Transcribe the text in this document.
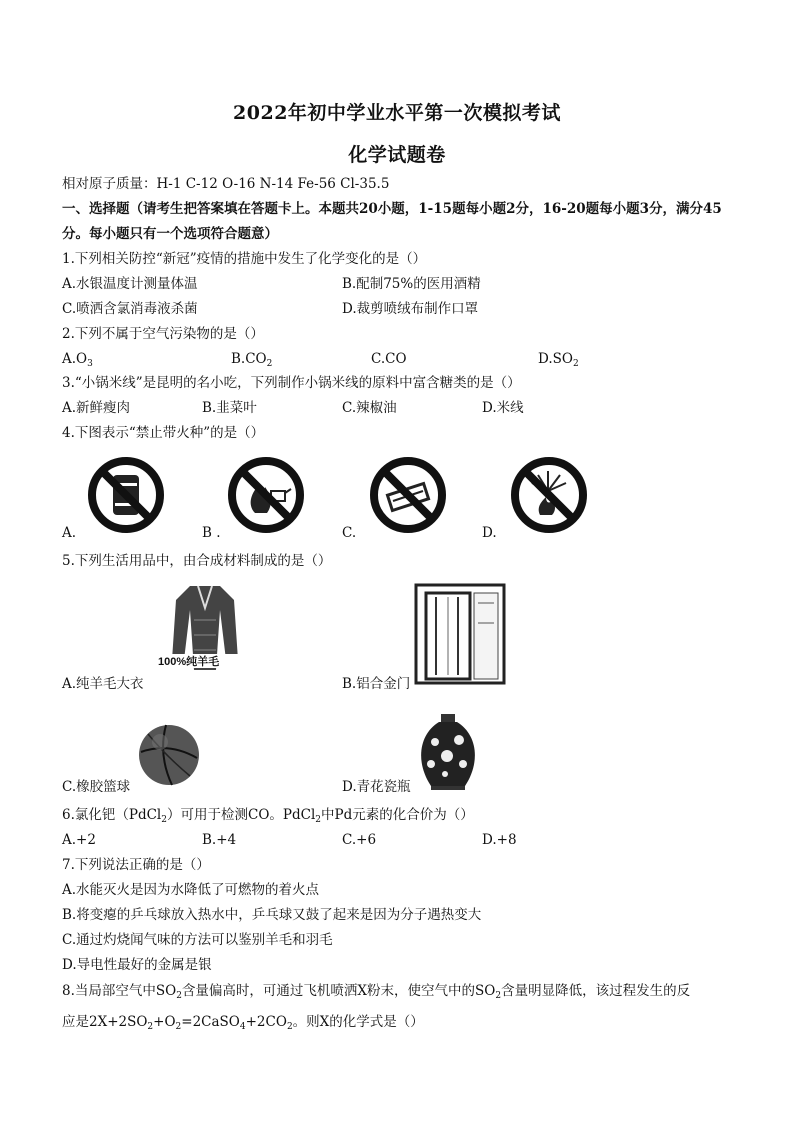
2022年初中学业水平第一次模拟考试
化学试题卷
相对原子质量：H-1 C-12 O-16 N-14 Fe-56 Cl-35.5
一、选择题（请考生把答案填在答题卡上。本题共20小题，1-15题每小题2分，16-20题每小题3分，满分45
分。每小题只有一个选项符合题意）
1.下列相关防控“新冠”疫情的措施中发生了化学变化的是（）
A.水银温度计测量体温	B.配制75%的医用酒精
C.喷洒含氯消毒液杀菌	D.裁剪喷绒布制作口罩
2.下列不属于空气污染物的是（）
$A.O_3$	$B.CO_2$	C.CO	$D.SO_2$
3.“小锅米线”是昆明的名小吃，下列制作小锅米线的原料中富含糖类的是（）
A.新鲜瘦肉	B.韭菜叶	C.辣椒油	D.米线
4.下图表示“禁止带火种”的是（）
A.	B .	C.	D.
5.下列生活用品中，由合成材料制成的是（）
100%纯羊毛
A.纯羊毛大衣	B.铝合金门
C.橡胶篮球	D.青花瓷瓶
6.氯化钯（PdCl$_2$）可用于检测CO。PdCl$_2$中Pd元素的化合价为（）
A.+2	B.+4	C.+6	D.+8
7.下列说法正确的是（）
A.水能灭火是因为水降低了可燃物的着火点
B.将变瘪的乒乓球放入热水中，乒乓球又鼓了起来是因为分子遇热变大
C.通过灼烧闻气味的方法可以鉴别羊毛和羽毛
D.导电性最好的金属是银
8.当局部空气中$SO_2$含量偏高时，可通过飞机喷洒X粉末，使空气中的$SO_2$含量明显降低，该过程发生的反
应是$2X+2SO_2+O_2=2CaSO_4+2CO_2$。则X的化学式是（）
